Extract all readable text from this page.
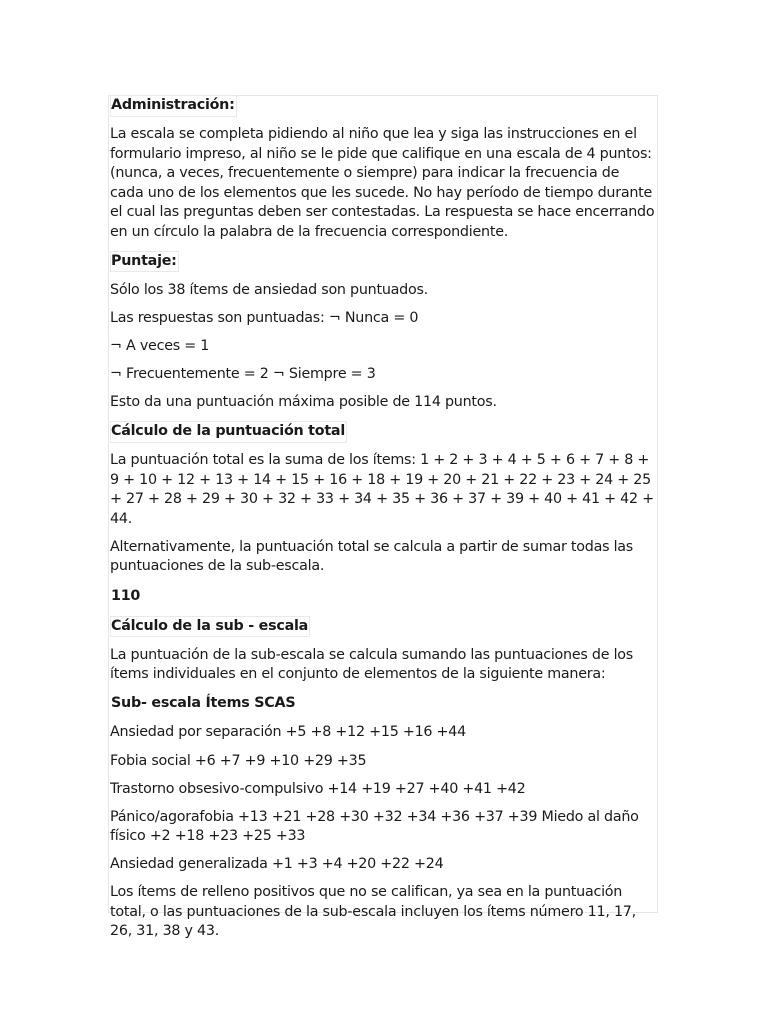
Administración:

La escala se completa pidiendo al niño que lea y siga las instrucciones en el formulario impreso, al niño se le pide que califique en una escala de 4 puntos: (nunca, a veces, frecuentemente o siempre) para indicar la frecuencia de cada uno de los elementos que les sucede. No hay período de tiempo durante el cual las preguntas deben ser contestadas. La respuesta se hace encerrando en un círculo la palabra de la frecuencia correspondiente.

Puntaje:

Sólo los 38 ítems de ansiedad son puntuados.

Las respuestas son puntuadas: ¬ Nunca = 0

¬ A veces = 1

¬ Frecuentemente = 2 ¬ Siempre = 3

Esto da una puntuación máxima posible de 114 puntos.

Cálculo de la puntuación total

La puntuación total es la suma de los ítems: 1 + 2 + 3 + 4 + 5 + 6 + 7 + 8 + 9 + 10 + 12 + 13 + 14 + 15 + 16 + 18 + 19 + 20 + 21 + 22 + 23 + 24 + 25 + 27 + 28 + 29 + 30 + 32 + 33 + 34 + 35 + 36 + 37 + 39 + 40 + 41 + 42 + 44.

Alternativamente, la puntuación total se calcula a partir de sumar todas las puntuaciones de la sub-escala.

110
Cálculo de la sub - escala

La puntuación de la sub-escala se calcula sumando las puntuaciones de los ítems individuales en el conjunto de elementos de la siguiente manera:

Sub- escala Ítems SCAS

Ansiedad por separación +5 +8 +12 +15 +16 +44

Fobia social +6 +7 +9 +10 +29 +35

Trastorno obsesivo-compulsivo +14 +19 +27 +40 +41 +42

Pánico/agorafobia +13 +21 +28 +30 +32 +34 +36 +37 +39 Miedo al daño físico +2 +18 +23 +25 +33

Ansiedad generalizada +1 +3 +4 +20 +22 +24

Los ítems de relleno positivos que no se califican, ya sea en la puntuación total, o las puntuaciones de la sub-escala incluyen los ítems número 11, 17, 26, 31, 38 y 43.
